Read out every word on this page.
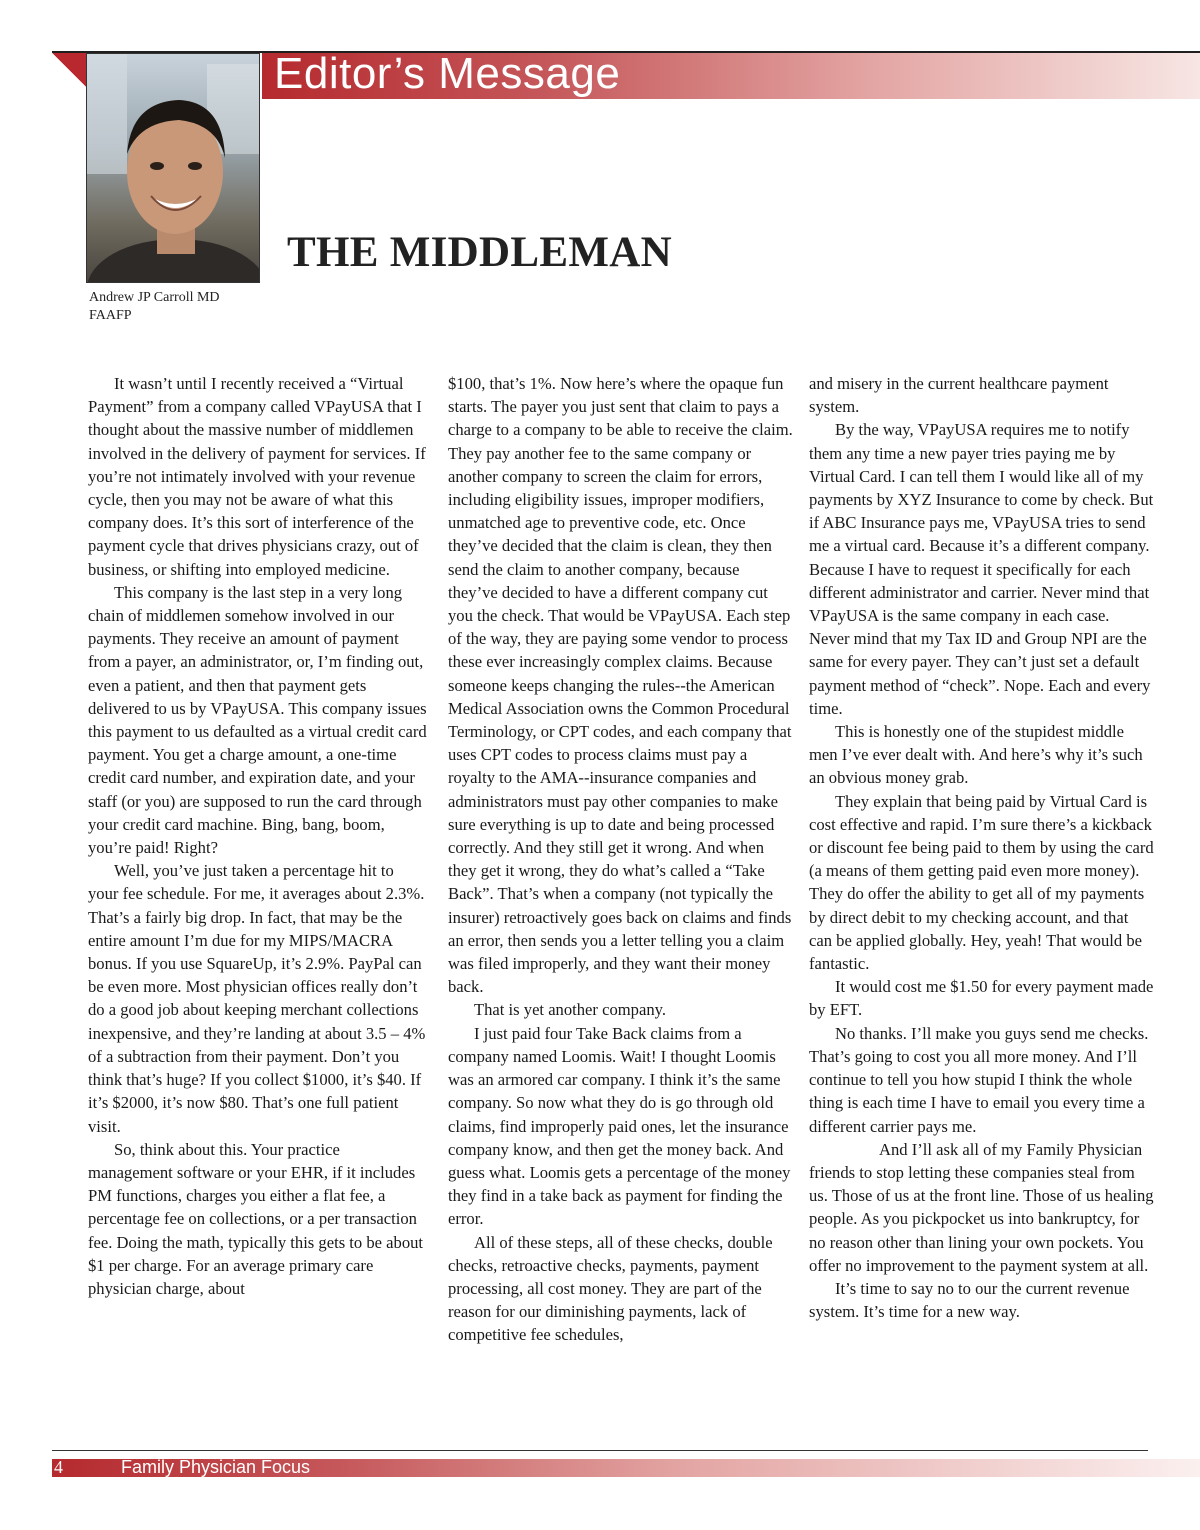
Editor’s Message
THE MIDDLEMAN
Andrew JP Carroll MD
FAAFP

It wasn’t until I recently received a “Virtual Payment” from a company called VPayUSA that I thought about the massive number of middlemen involved in the delivery of payment for services. If you’re not intimately involved with your revenue cycle, then you may not be aware of what this company does. It’s this sort of interference of the payment cycle that drives physicians crazy, out of business, or shifting into employed medicine.

This company is the last step in a very long chain of middlemen somehow involved in our payments. They receive an amount of payment from a payer, an administrator, or, I’m finding out, even a patient, and then that payment gets delivered to us by VPayUSA. This company issues this payment to us defaulted as a virtual credit card payment. You get a charge amount, a one-time credit card number, and expiration date, and your staff (or you) are supposed to run the card through your credit card machine. Bing, bang, boom, you’re paid! Right?

Well, you’ve just taken a percentage hit to your fee schedule. For me, it averages about 2.3%. That’s a fairly big drop. In fact, that may be the entire amount I’m due for my MIPS/MACRA bonus. If you use SquareUp, it’s 2.9%. PayPal can be even more. Most physician offices really don’t do a good job about keeping merchant collections inexpensive, and they’re landing at about 3.5 – 4% of a subtraction from their payment. Don’t you think that’s huge? If you collect $1000, it’s $40. If it’s $2000, it’s now $80. That’s one full patient visit.

So, think about this. Your practice management software or your EHR, if it includes PM functions, charges you either a flat fee, a percentage fee on collections, or a per transaction fee. Doing the math, typically this gets to be about $1 per charge. For an average primary care physician charge, about

$100, that’s 1%. Now here’s where the opaque fun starts. The payer you just sent that claim to pays a charge to a company to be able to receive the claim. They pay another fee to the same company or another company to screen the claim for errors, including eligibility issues, improper modifiers, unmatched age to preventive code, etc. Once they’ve decided that the claim is clean, they then send the claim to another company, because they’ve decided to have a different company cut you the check. That would be VPayUSA. Each step of the way, they are paying some vendor to process these ever increasingly complex claims. Because someone keeps changing the rules--the American Medical Association owns the Common Procedural Terminology, or CPT codes, and each company that uses CPT codes to process claims must pay a royalty to the AMA--insurance companies and administrators must pay other companies to make sure everything is up to date and being processed correctly. And they still get it wrong. And when they get it wrong, they do what’s called a “Take Back”. That’s when a company (not typically the insurer) retroactively goes back on claims and finds an error, then sends you a letter telling you a claim was filed improperly, and they want their money back.

That is yet another company.

I just paid four Take Back claims from a company named Loomis. Wait! I thought Loomis was an armored car company. I think it’s the same company. So now what they do is go through old claims, find improperly paid ones, let the insurance company know, and then get the money back. And guess what. Loomis gets a percentage of the money they find in a take back as payment for finding the error.

All of these steps, all of these checks, double checks, retroactive checks, payments, payment processing, all cost money. They are part of the reason for our diminishing payments, lack of competitive fee schedules,

and misery in the current healthcare payment system.

By the way, VPayUSA requires me to notify them any time a new payer tries paying me by Virtual Card. I can tell them I would like all of my payments by XYZ Insurance to come by check. But if ABC Insurance pays me, VPayUSA tries to send me a virtual card. Because it’s a different company. Because I have to request it specifically for each different administrator and carrier. Never mind that VPayUSA is the same company in each case. Never mind that my Tax ID and Group NPI are the same for every payer. They can’t just set a default payment method of “check”. Nope. Each and every time.

This is honestly one of the stupidest middle men I’ve ever dealt with. And here’s why it’s such an obvious money grab.

They explain that being paid by Virtual Card is cost effective and rapid. I’m sure there’s a kickback or discount fee being paid to them by using the card (a means of them getting paid even more money). They do offer the ability to get all of my payments by direct debit to my checking account, and that can be applied globally. Hey, yeah! That would be fantastic.

It would cost me $1.50 for every payment made by EFT.

No thanks. I’ll make you guys send me checks. That’s going to cost you all more money. And I’ll continue to tell you how stupid I think the whole thing is each time I have to email you every time a different carrier pays me.

And I’ll ask all of my Family Physician friends to stop letting these companies steal from us. Those of us at the front line. Those of us healing people. As you pickpocket us into bankruptcy, for no reason other than lining your own pockets. You offer no improvement to the payment system at all.

It’s time to say no to our the current revenue system. It’s time for a new way.

4	Family Physician Focus
